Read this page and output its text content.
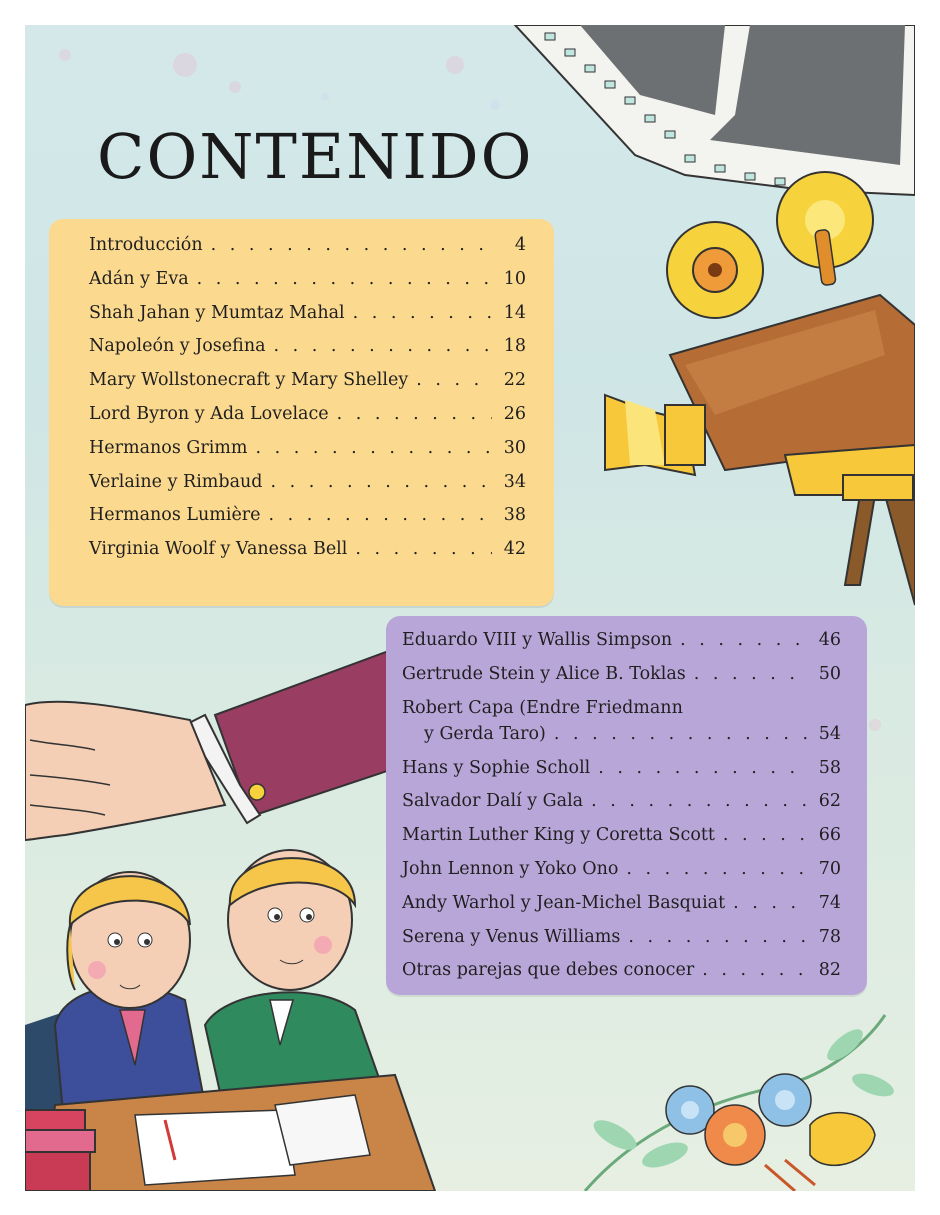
CONTENIDO
Introducción . . .	4
Adán y Eva . . .	10
Shah Jahan y Mumtaz Mahal . . .	14
Napoleón y Josefina . . .	18
Mary Wollstonecraft y Mary Shelley . . .	22
Lord Byron y Ada Lovelace . . .	26
Hermanos Grimm . . .	30
Verlaine y Rimbaud . . .	34
Hermanos Lumière . . .	38
Virginia Woolf y Vanessa Bell . . .	42
Eduardo VIII y Wallis Simpson . . .	46
Gertrude Stein y Alice B. Toklas . . .	50
Robert Capa (Endre Friedmann
y Gerda Taro) . . .	54
Hans y Sophie Scholl . . .	58
Salvador Dalí y Gala . . .	62
Martin Luther King y Coretta Scott . . .	66
John Lennon y Yoko Ono . . .	70
Andy Warhol y Jean-Michel Basquiat . . .	74
Serena y Venus Williams . . .	78
Otras parejas que debes conocer . . .	82
